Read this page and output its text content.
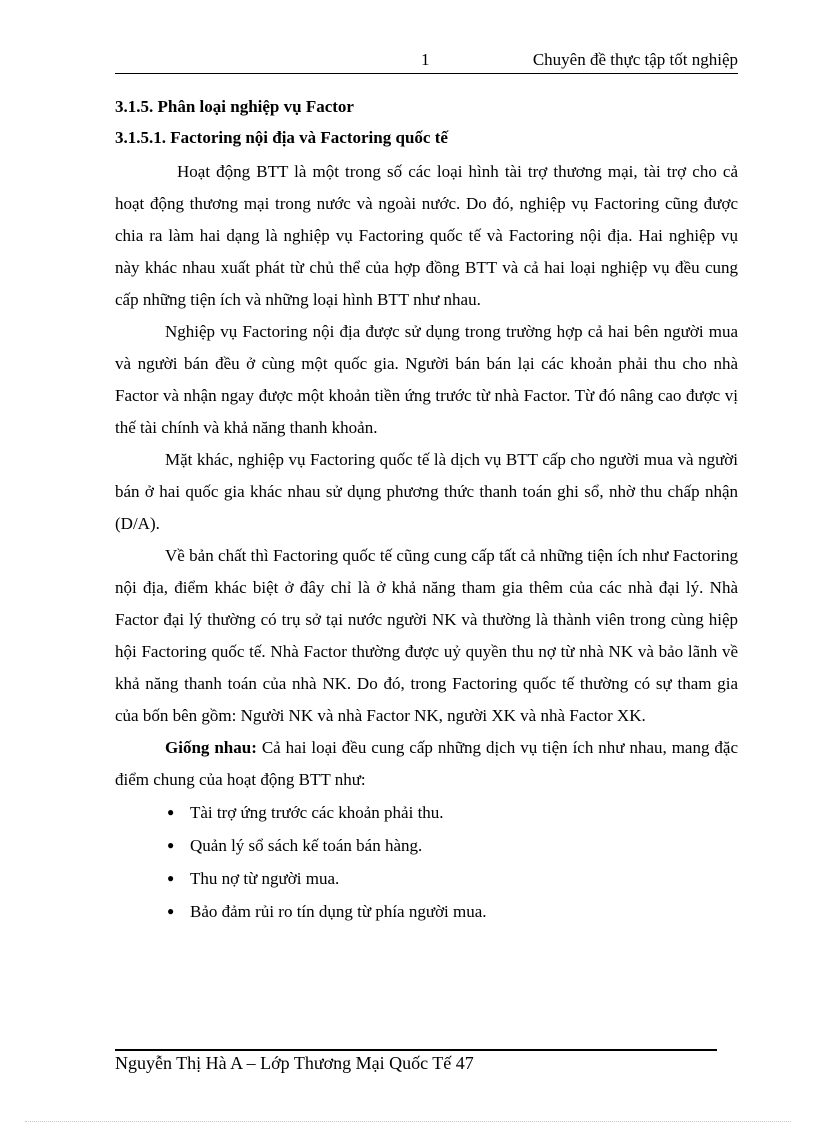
1	Chuyên đề thực tập tốt nghiệp
3.1.5. Phân loại nghiệp vụ Factor
3.1.5.1. Factoring nội địa và Factoring quốc tế

Hoạt động BTT là một trong số các loại hình tài trợ thương mại, tài trợ cho cả hoạt động thương mại trong nước và ngoài nước. Do đó, nghiệp vụ Factoring cũng được chia ra làm hai dạng là nghiệp vụ Factoring quốc tế và Factoring nội địa. Hai nghiệp vụ này khác nhau xuất phát từ chủ thể của hợp đồng BTT và cả hai loại nghiệp vụ đều cung cấp những tiện ích và những loại hình BTT như nhau.

Nghiệp vụ Factoring nội địa được sử dụng trong trường hợp cả hai bên người mua và người bán đều ở cùng một quốc gia. Người bán bán lại các khoản phải thu cho nhà Factor và nhận ngay được một khoản tiền ứng trước từ nhà Factor. Từ đó nâng cao được vị thế tài chính và khả năng thanh khoản.

Mặt khác, nghiệp vụ Factoring quốc tế là dịch vụ BTT cấp cho người mua và người bán ở hai quốc gia khác nhau sử dụng phương thức thanh toán ghi sổ, nhờ thu chấp nhận (D/A).

Về bản chất thì Factoring quốc tế cũng cung cấp tất cả những tiện ích như Factoring nội địa, điểm khác biệt ở đây chỉ là ở khả năng tham gia thêm của các nhà đại lý. Nhà Factor đại lý thường có trụ sở tại nước người NK và thường là thành viên trong cùng hiệp hội Factoring quốc tế. Nhà Factor thường được uỷ quyền thu nợ từ nhà NK và bảo lãnh về khả năng thanh toán của nhà NK. Do đó, trong Factoring quốc tế thường có sự tham gia của bốn bên gồm: Người NK và nhà Factor NK, người XK và nhà Factor XK.

Giống nhau: Cả hai loại đều cung cấp những dịch vụ tiện ích như nhau, mang đặc điểm chung của hoạt động BTT như:

● Tài trợ ứng trước các khoản phải thu.
● Quản lý sổ sách kế toán bán hàng.
● Thu nợ từ người mua.
● Bảo đảm rủi ro tín dụng từ phía người mua.
Nguyễn Thị Hà A – Lớp Thương Mại Quốc Tế 47
